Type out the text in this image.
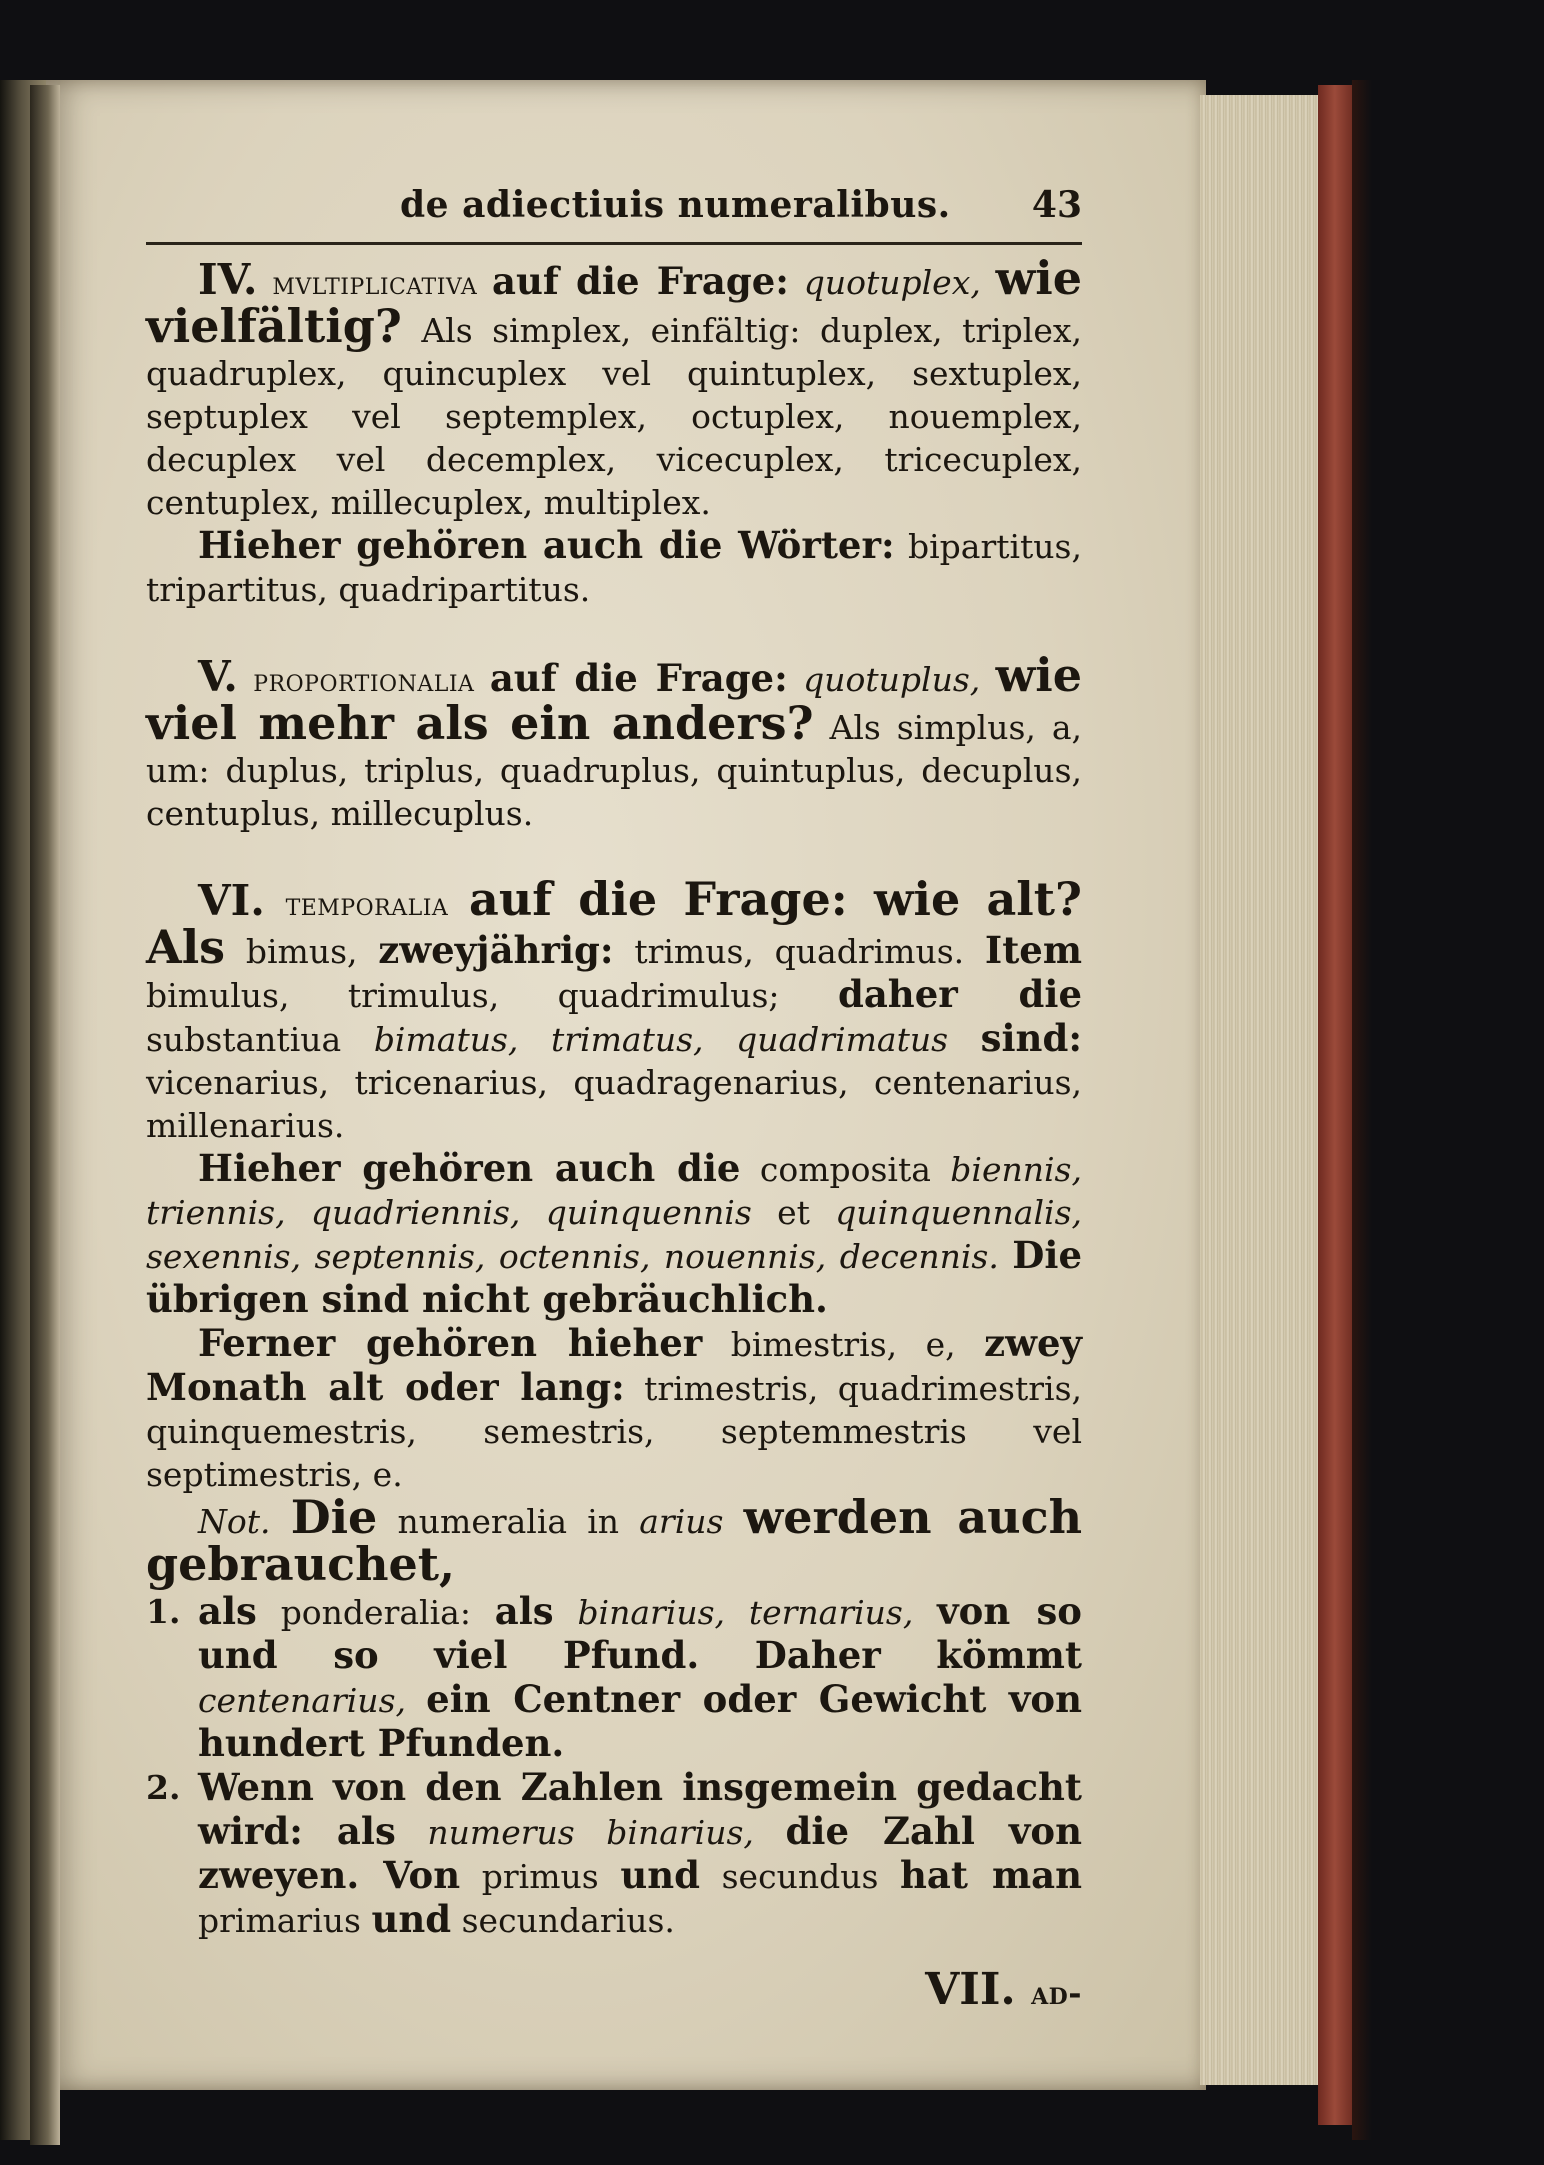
de adiectiuis numeralibus. 43

IV. mvltiplicativa auf die Frage: quotuplex, wie vielfältig? Als simplex, einfältig: duplex, triplex, quadruplex, quincuplex vel quintuplex, sextuplex, septuplex vel septemplex, octuplex, nouemplex, decuplex vel decemplex, vicecuplex, tricecuplex, centuplex, millecuplex, multiplex.

Hieher gehören auch die Wörter: bipartitus, tripartitus, quadripartitus.

V. proportionalia auf die Frage: quotuplus, wie viel mehr als ein anders? Als simplus, a, um: duplus, triplus, quadruplus, quintuplus, decuplus, centuplus, millecuplus.

VI. temporalia auf die Frage: wie alt? Als bimus, zweyjährig: trimus, quadrimus. Item bimulus, trimulus, quadrimulus; daher die substantiua bimatus, trimatus, quadrimatus sind: vicenarius, tricenarius, quadragenarius, centenarius, millenarius.

Hieher gehören auch die composita biennis, triennis, quadriennis, quinquennis et quinquennalis, sexennis, septennis, octennis, nouennis, decennis. Die übrigen sind nicht gebräuchlich.

Ferner gehören hieher bimestris, e, zwey Monath alt oder lang: trimestris, quadrimestris, quinquemestris, semestris, septemmestris vel septimestris, e.

Not. Die numeralia in arius werden auch gebrauchet,

1. als ponderalia: als binarius, ternarius, von so und so viel Pfund. Daher kömmt centenarius, ein Centner oder Gewicht von hundert Pfunden.
2. Wenn von den Zahlen insgemein gedacht wird: als numerus binarius, die Zahl von zweyen. Von primus und secundus hat man primarius und secundarius.
VII. ad-
